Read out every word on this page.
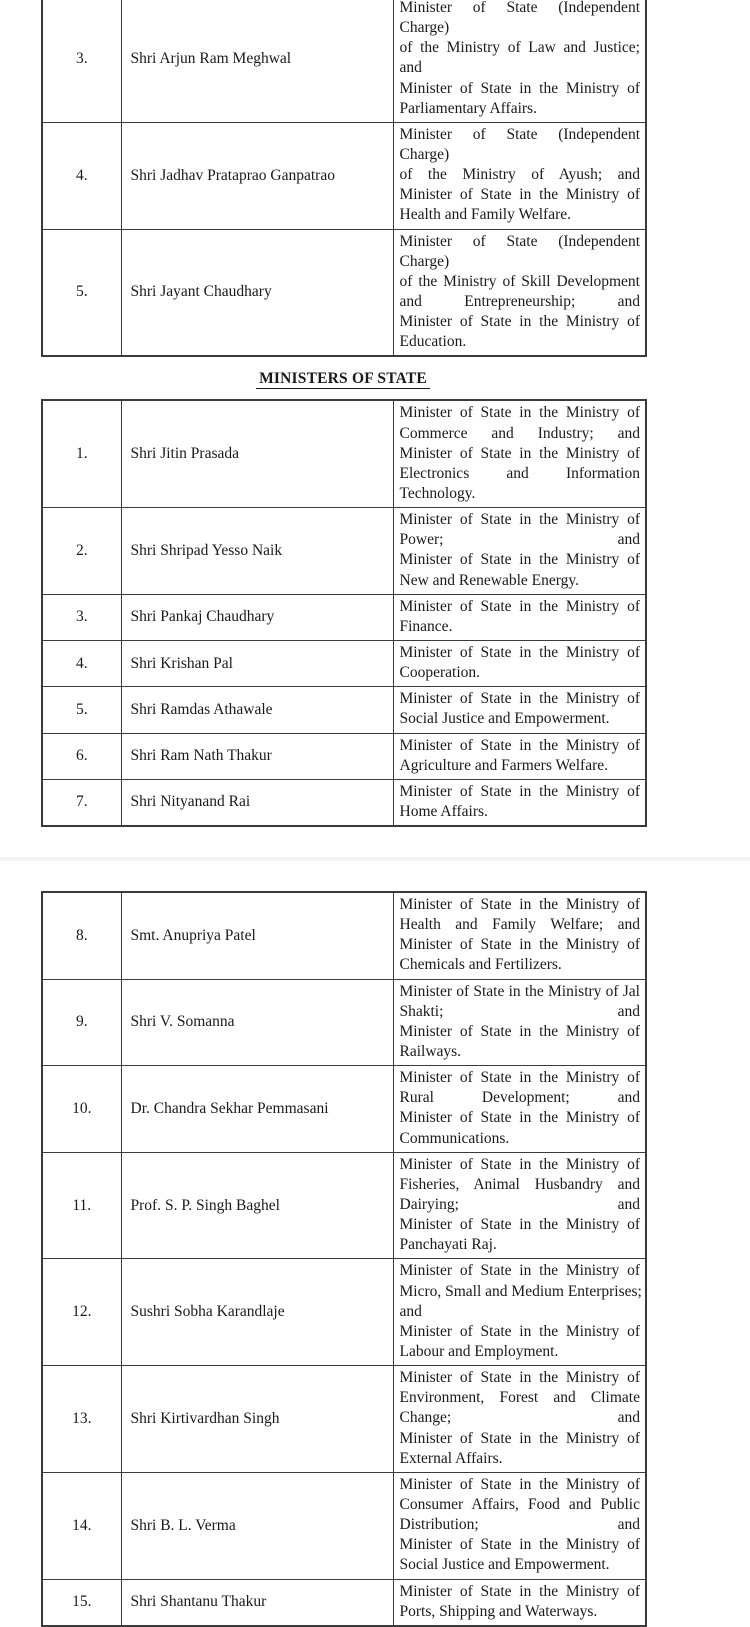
3.	Shri Arjun Ram Meghwal	Minister of State (Independent Charge)
of the Ministry of Law and Justice; and
Minister of State in the Ministry of
Parliamentary Affairs.

4.	Shri Jadhav Prataprao Ganpatrao	Minister of State (Independent Charge)
of the Ministry of Ayush; and
Minister of State in the Ministry of
Health and Family Welfare.

5.	Shri Jayant Chaudhary	Minister of State (Independent Charge)
of the Ministry of Skill Development
and Entrepreneurship; and
Minister of State in the Ministry of
Education.
MINISTERS OF STATE
1.	Shri Jitin Prasada	Minister of State in the Ministry of
Commerce and Industry; and
Minister of State in the Ministry of
Electronics and Information
Technology.

2.	Shri Shripad Yesso Naik	Minister of State in the Ministry of
Power; and
Minister of State in the Ministry of
New and Renewable Energy.

3.	Shri Pankaj Chaudhary	Minister of State in the Ministry of
Finance.

4.	Shri Krishan Pal	Minister of State in the Ministry of
Cooperation.

5.	Shri Ramdas Athawale	Minister of State in the Ministry of
Social Justice and Empowerment.

6.	Shri Ram Nath Thakur	Minister of State in the Ministry of
Agriculture and Farmers Welfare.

7.	Shri Nityanand Rai	Minister of State in the Ministry of
Home Affairs.
8.	Smt. Anupriya Patel	Minister of State in the Ministry of
Health and Family Welfare; and
Minister of State in the Ministry of
Chemicals and Fertilizers.

9.	Shri V. Somanna	Minister of State in the Ministry of Jal
Shakti; and
Minister of State in the Ministry of
Railways.

10.	Dr. Chandra Sekhar Pemmasani	Minister of State in the Ministry of
Rural Development; and
Minister of State in the Ministry of
Communications.

11.	Prof. S. P. Singh Baghel	Minister of State in the Ministry of
Fisheries, Animal Husbandry and
Dairying; and
Minister of State in the Ministry of
Panchayati Raj.

12.	Sushri Sobha Karandlaje	Minister of State in the Ministry of
Micro, Small and Medium Enterprises;
and
Minister of State in the Ministry of
Labour and Employment.

13.	Shri Kirtivardhan Singh	Minister of State in the Ministry of
Environment, Forest and Climate
Change; and
Minister of State in the Ministry of
External Affairs.

14.	Shri B. L. Verma	Minister of State in the Ministry of
Consumer Affairs, Food and Public
Distribution; and
Minister of State in the Ministry of
Social Justice and Empowerment.

15.	Shri Shantanu Thakur	Minister of State in the Ministry of
Ports, Shipping and Waterways.
